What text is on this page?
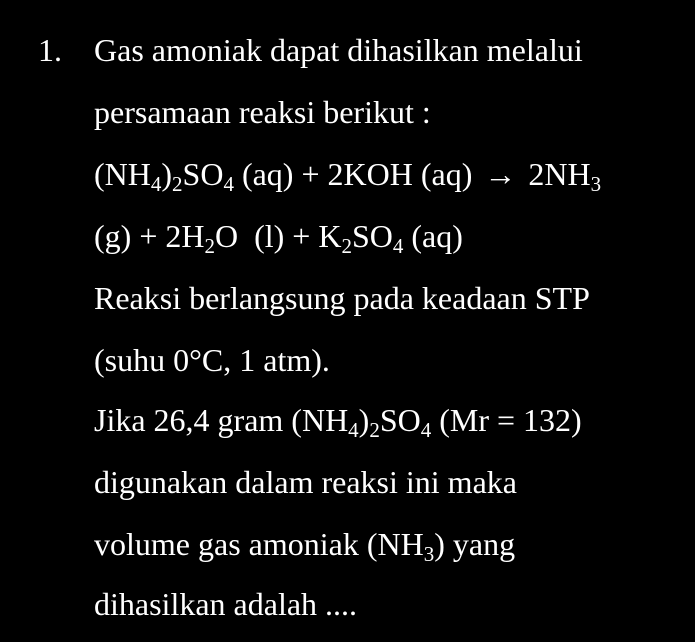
1. Gas amoniak dapat dihasilkan melalui
persamaan reaksi berikut :
$(NH_4)_2SO_4$ (aq) + 2KOH $(aq) \to 2NH_3$
$(g) + 2H_2O$  $(l) + K_2SO_4$ (aq)
Reaksi berlangsung pada keadaan STP
(suhu 0°C, 1 atm).
Jika 26,4 gram $(NH_4)_2SO_4$ (Mr = 132)
digunakan dalam reaksi ini maka
volume gas amoniak $(NH_3)$ yang
dihasilkan adalah ....
